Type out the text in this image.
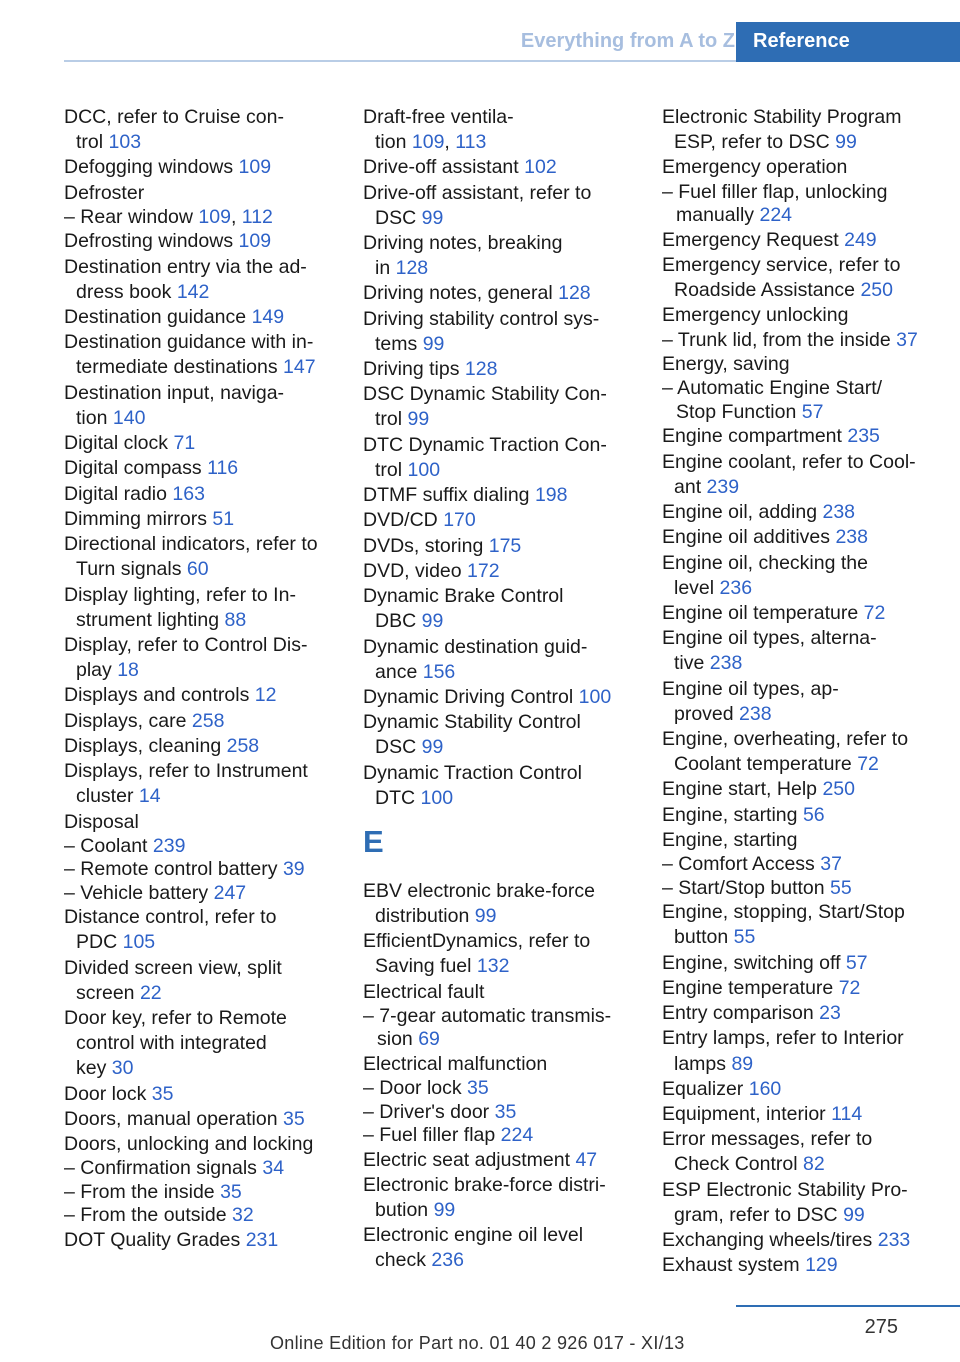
Everything from A to Z Reference
DCC, refer to Cruise con-
trol 103
Defogging windows 109
Defroster
– Rear window 109, 112
Defrosting windows 109
Destination entry via the ad-
dress book 142
Destination guidance 149
Destination guidance with in-
termediate destinations 147
Destination input, naviga-
tion 140
Digital clock 71
Digital compass 116
Digital radio 163
Dimming mirrors 51
Directional indicators, refer to
Turn signals 60
Display lighting, refer to In-
strument lighting 88
Display, refer to Control Dis-
play 18
Displays and controls 12
Displays, care 258
Displays, cleaning 258
Displays, refer to Instrument
cluster 14
Disposal
– Coolant 239
– Remote control battery 39
– Vehicle battery 247
Distance control, refer to
PDC 105
Divided screen view, split
screen 22
Door key, refer to Remote
control with integrated
key 30
Door lock 35
Doors, manual operation 35
Doors, unlocking and locking
– Confirmation signals 34
– From the inside 35
– From the outside 32
DOT Quality Grades 231
Draft-free ventila-
tion 109, 113
Drive-off assistant 102
Drive-off assistant, refer to
DSC 99
Driving notes, breaking
in 128
Driving notes, general 128
Driving stability control sys-
tems 99
Driving tips 128
DSC Dynamic Stability Con-
trol 99
DTC Dynamic Traction Con-
trol 100
DTMF suffix dialing 198
DVD/CD 170
DVDs, storing 175
DVD, video 172
Dynamic Brake Control
DBC 99
Dynamic destination guid-
ance 156
Dynamic Driving Control 100
Dynamic Stability Control
DSC 99
Dynamic Traction Control
DTC 100
E
EBV electronic brake-force
distribution 99
EfficientDynamics, refer to
Saving fuel 132
Electrical fault
– 7-gear automatic transmis-
sion 69
Electrical malfunction
– Door lock 35
– Driver's door 35
– Fuel filler flap 224
Electric seat adjustment 47
Electronic brake-force distri-
bution 99
Electronic engine oil level
check 236
Electronic Stability Program
ESP, refer to DSC 99
Emergency operation
– Fuel filler flap, unlocking
manually 224
Emergency Request 249
Emergency service, refer to
Roadside Assistance 250
Emergency unlocking
– Trunk lid, from the inside 37
Energy, saving
– Automatic Engine Start/
Stop Function 57
Engine compartment 235
Engine coolant, refer to Cool-
ant 239
Engine oil, adding 238
Engine oil additives 238
Engine oil, checking the
level 236
Engine oil temperature 72
Engine oil types, alterna-
tive 238
Engine oil types, ap-
proved 238
Engine, overheating, refer to
Coolant temperature 72
Engine start, Help 250
Engine, starting 56
Engine, starting
– Comfort Access 37
– Start/Stop button 55
Engine, stopping, Start/Stop
button 55
Engine, switching off 57
Engine temperature 72
Entry comparison 23
Entry lamps, refer to Interior
lamps 89
Equalizer 160
Equipment, interior 114
Error messages, refer to
Check Control 82
ESP Electronic Stability Pro-
gram, refer to DSC 99
Exchanging wheels/tires 233
Exhaust system 129
275
Online Edition for Part no. 01 40 2 926 017 - XI/13
